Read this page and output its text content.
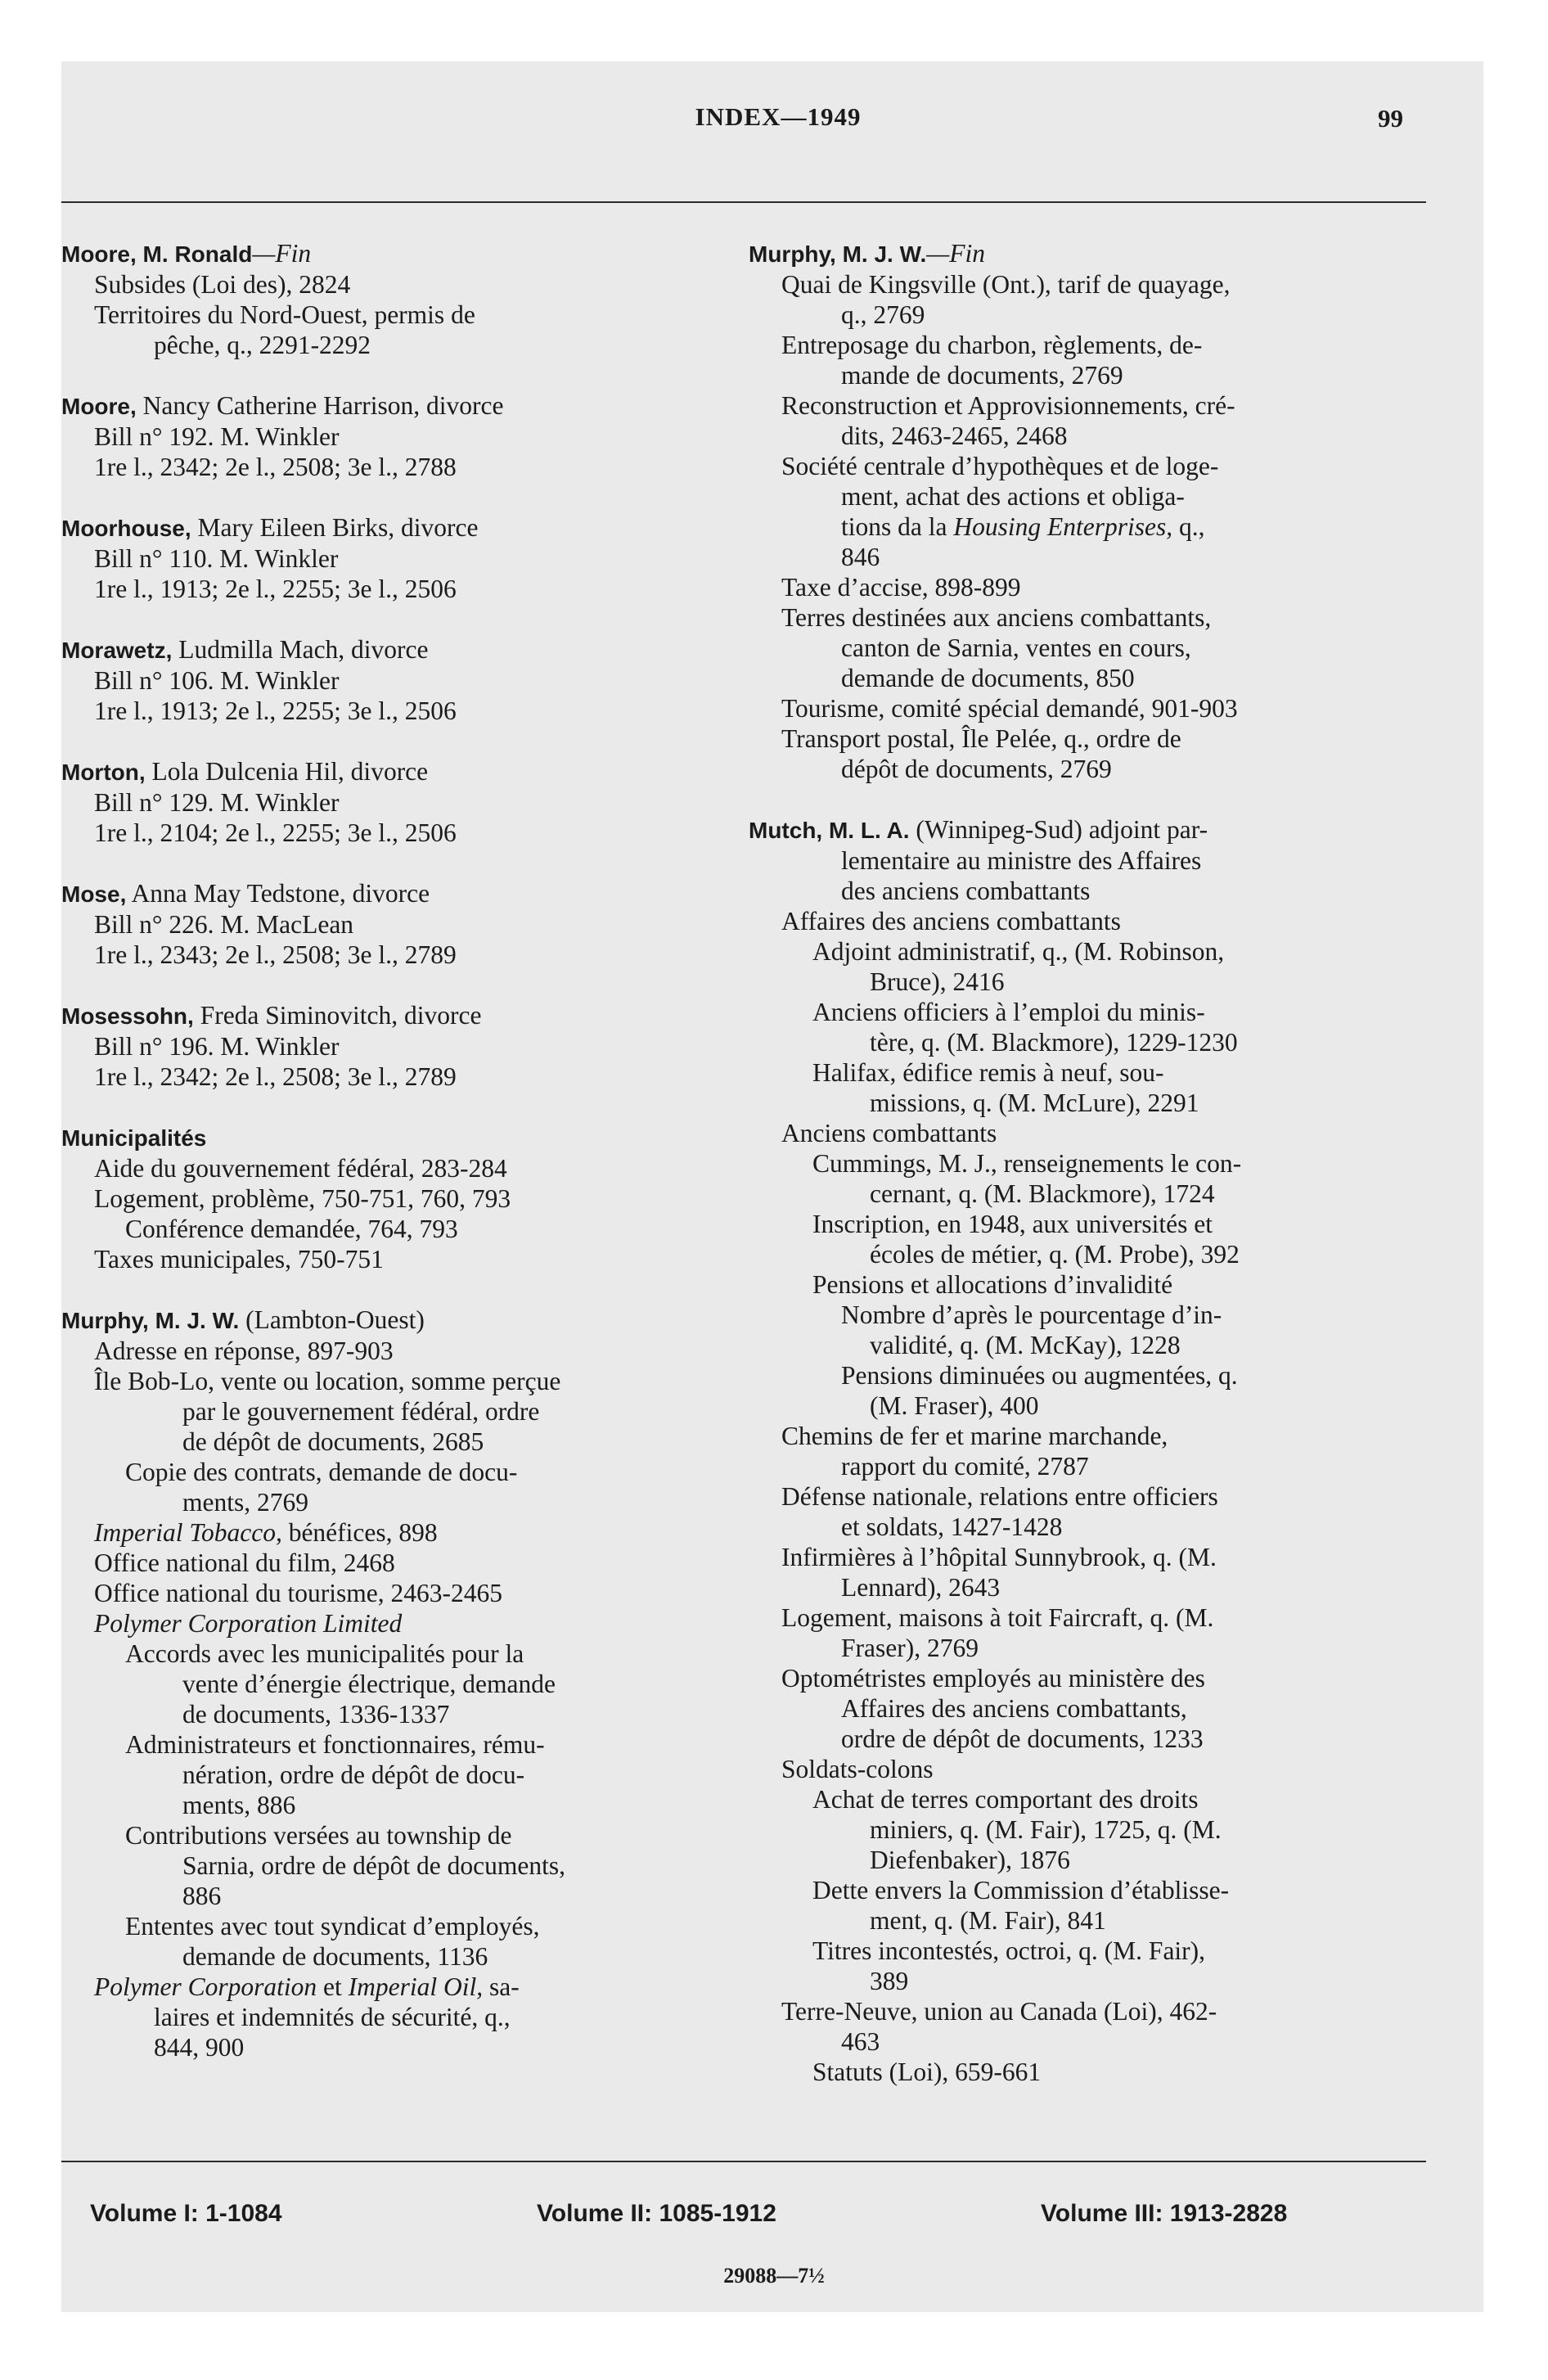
INDEX—1949	99
Moore, M. Ronald—Fin
Subsides (Loi des), 2824
Territoires du Nord-Ouest, permis de
pêche, q., 2291-2292
Moore, Nancy Catherine Harrison, divorce
Bill n° 192. M. Winkler
1re l., 2342; 2e l., 2508; 3e l., 2788
Moorhouse, Mary Eileen Birks, divorce
Bill n° 110. M. Winkler
1re l., 1913; 2e l., 2255; 3e l., 2506
Morawetz, Ludmilla Mach, divorce
Bill n° 106. M. Winkler
1re l., 1913; 2e l., 2255; 3e l., 2506
Morton, Lola Dulcenia Hil, divorce
Bill n° 129. M. Winkler
1re l., 2104; 2e l., 2255; 3e l., 2506
Mose, Anna May Tedstone, divorce
Bill n° 226. M. MacLean
1re l., 2343; 2e l., 2508; 3e l., 2789
Mosessohn, Freda Siminovitch, divorce
Bill n° 196. M. Winkler
1re l., 2342; 2e l., 2508; 3e l., 2789
Municipalités
Aide du gouvernement fédéral, 283-284
Logement, problème, 750-751, 760, 793
Conférence demandée, 764, 793
Taxes municipales, 750-751
Murphy, M. J. W. (Lambton-Ouest)
Adresse en réponse, 897-903
Île Bob-Lo, vente ou location, somme perçue
par le gouvernement fédéral, ordre
de dépôt de documents, 2685
Copie des contrats, demande de docu-
ments, 2769
Imperial Tobacco, bénéfices, 898
Office national du film, 2468
Office national du tourisme, 2463-2465
Polymer Corporation Limited
Accords avec les municipalités pour la
vente d’énergie électrique, demande
de documents, 1336-1337
Administrateurs et fonctionnaires, rému-
nération, ordre de dépôt de docu-
ments, 886
Contributions versées au township de
Sarnia, ordre de dépôt de documents,
886
Ententes avec tout syndicat d’employés,
demande de documents, 1136
Polymer Corporation et Imperial Oil, sa-
laires et indemnités de sécurité, q.,
844, 900
Murphy, M. J. W.—Fin
Quai de Kingsville (Ont.), tarif de quayage,
q., 2769
Entreposage du charbon, règlements, de-
mande de documents, 2769
Reconstruction et Approvisionnements, cré-
dits, 2463-2465, 2468
Société centrale d’hypothèques et de loge-
ment, achat des actions et obliga-
tions da la Housing Enterprises, q.,
846
Taxe d’accise, 898-899
Terres destinées aux anciens combattants,
canton de Sarnia, ventes en cours,
demande de documents, 850
Tourisme, comité spécial demandé, 901-903
Transport postal, Île Pelée, q., ordre de
dépôt de documents, 2769
Mutch, M. L. A. (Winnipeg-Sud) adjoint par-
lementaire au ministre des Affaires
des anciens combattants
Affaires des anciens combattants
Adjoint administratif, q., (M. Robinson,
Bruce), 2416
Anciens officiers à l’emploi du minis-
tère, q. (M. Blackmore), 1229-1230
Halifax, édifice remis à neuf, sou-
missions, q. (M. McLure), 2291
Anciens combattants
Cummings, M. J., renseignements le con-
cernant, q. (M. Blackmore), 1724
Inscription, en 1948, aux universités et
écoles de métier, q. (M. Probe), 392
Pensions et allocations d’invalidité
Nombre d’après le pourcentage d’in-
validité, q. (M. McKay), 1228
Pensions diminuées ou augmentées, q.
(M. Fraser), 400
Chemins de fer et marine marchande,
rapport du comité, 2787
Défense nationale, relations entre officiers
et soldats, 1427-1428
Infirmières à l’hôpital Sunnybrook, q. (M.
Lennard), 2643
Logement, maisons à toit Faircraft, q. (M.
Fraser), 2769
Optométristes employés au ministère des
Affaires des anciens combattants,
ordre de dépôt de documents, 1233
Soldats-colons
Achat de terres comportant des droits
miniers, q. (M. Fair), 1725, q. (M.
Diefenbaker), 1876
Dette envers la Commission d’établisse-
ment, q. (M. Fair), 841
Titres incontestés, octroi, q. (M. Fair),
389
Terre-Neuve, union au Canada (Loi), 462-
463
Statuts (Loi), 659-661
Volume I: 1-1084	Volume II: 1085-1912	Volume III: 1913-2828
29088—7½
